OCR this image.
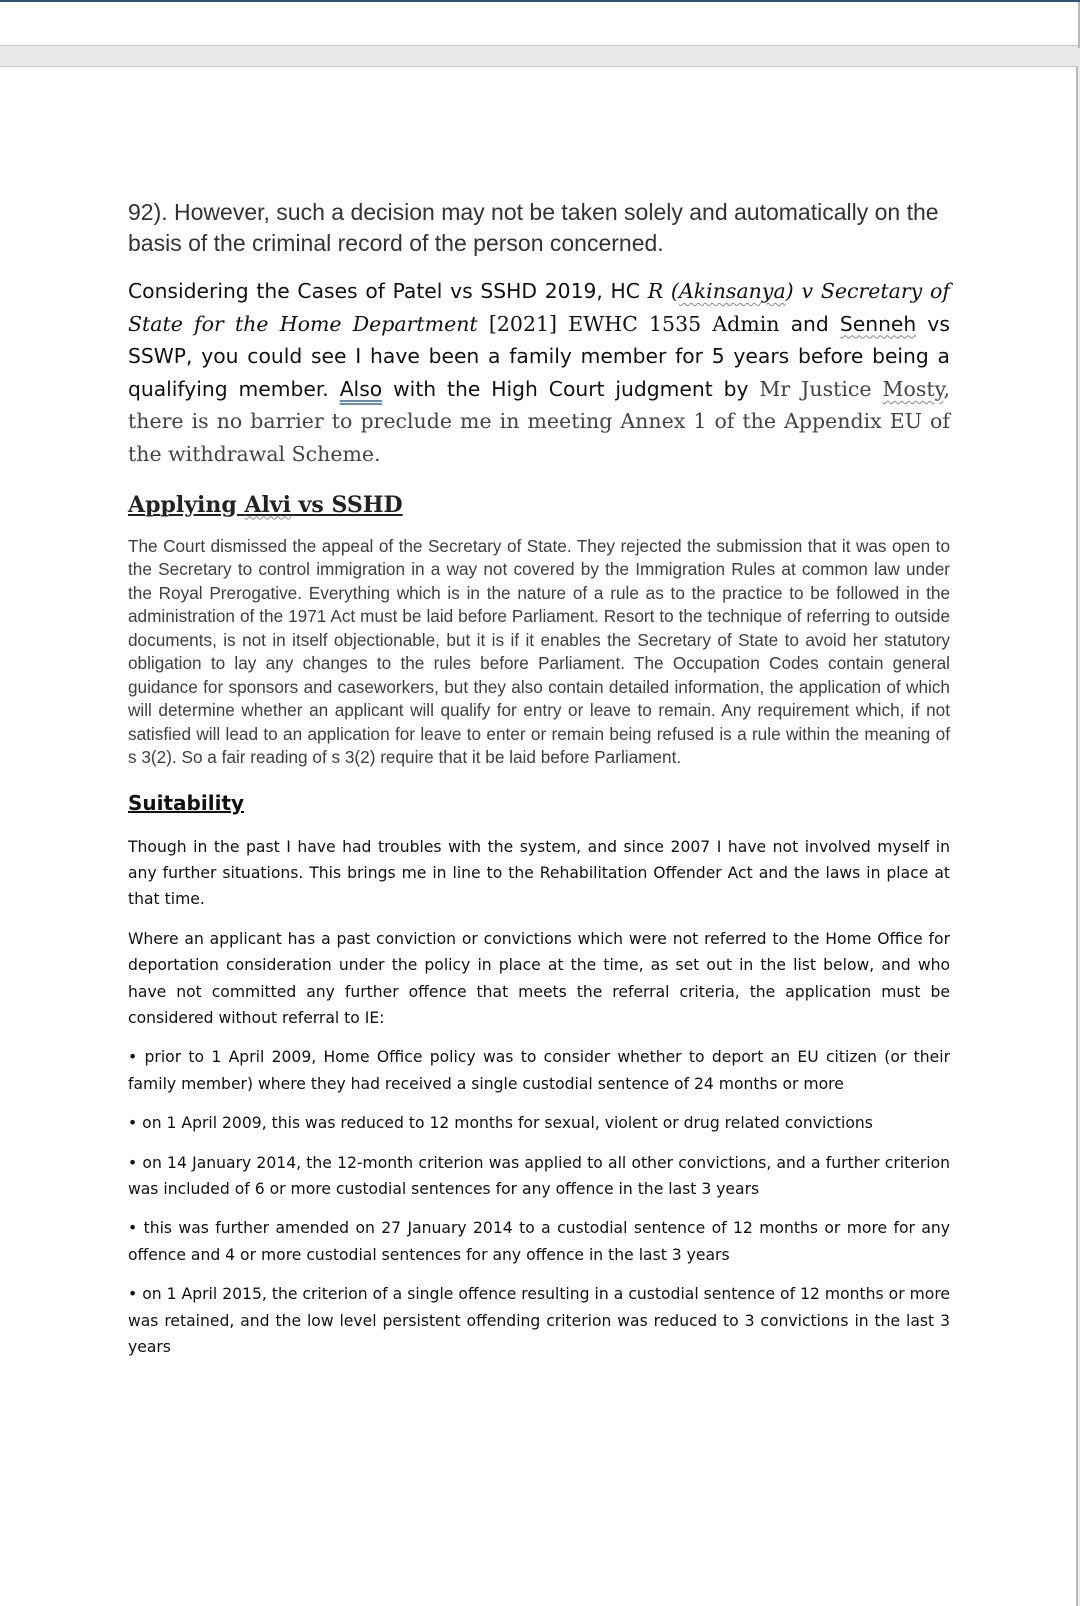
92). However, such a decision may not be taken solely and automatically on the basis of the criminal record of the person concerned.

Considering the Cases of Patel vs SSHD 2019, HC R (Akinsanya) v Secretary of State for the Home Department [2021] EWHC 1535 Admin and Senneh vs SSWP, you could see I have been a family member for 5 years before being a qualifying member. Also with the High Court judgment by Mr Justice Mosty, there is no barrier to preclude me in meeting Annex 1 of the Appendix EU of the withdrawal Scheme.

Applying Alvi vs SSHD

The Court dismissed the appeal of the Secretary of State. They rejected the submission that it was open to the Secretary to control immigration in a way not covered by the Immigration Rules at common law under the Royal Prerogative. Everything which is in the nature of a rule as to the practice to be followed in the administration of the 1971 Act must be laid before Parliament. Resort to the technique of referring to outside documents, is not in itself objectionable, but it is if it enables the Secretary of State to avoid her statutory obligation to lay any changes to the rules before Parliament. The Occupation Codes contain general guidance for sponsors and caseworkers, but they also contain detailed information, the application of which will determine whether an applicant will qualify for entry or leave to remain. Any requirement which, if not satisfied will lead to an application for leave to enter or remain being refused is a rule within the meaning of s 3(2). So a fair reading of s 3(2) require that it be laid before Parliament.

Suitability

Though in the past I have had troubles with the system, and since 2007 I have not involved myself in any further situations. This brings me in line to the Rehabilitation Offender Act and the laws in place at that time.

Where an applicant has a past conviction or convictions which were not referred to the Home Office for deportation consideration under the policy in place at the time, as set out in the list below, and who have not committed any further offence that meets the referral criteria, the application must be considered without referral to IE:

• prior to 1 April 2009, Home Office policy was to consider whether to deport an EU citizen (or their family member) where they had received a single custodial sentence of 24 months or more

• on 1 April 2009, this was reduced to 12 months for sexual, violent or drug related convictions

• on 14 January 2014, the 12-month criterion was applied to all other convictions, and a further criterion was included of 6 or more custodial sentences for any offence in the last 3 years

• this was further amended on 27 January 2014 to a custodial sentence of 12 months or more for any offence and 4 or more custodial sentences for any offence in the last 3 years

• on 1 April 2015, the criterion of a single offence resulting in a custodial sentence of 12 months or more was retained, and the low level persistent offending criterion was reduced to 3 convictions in the last 3 years
